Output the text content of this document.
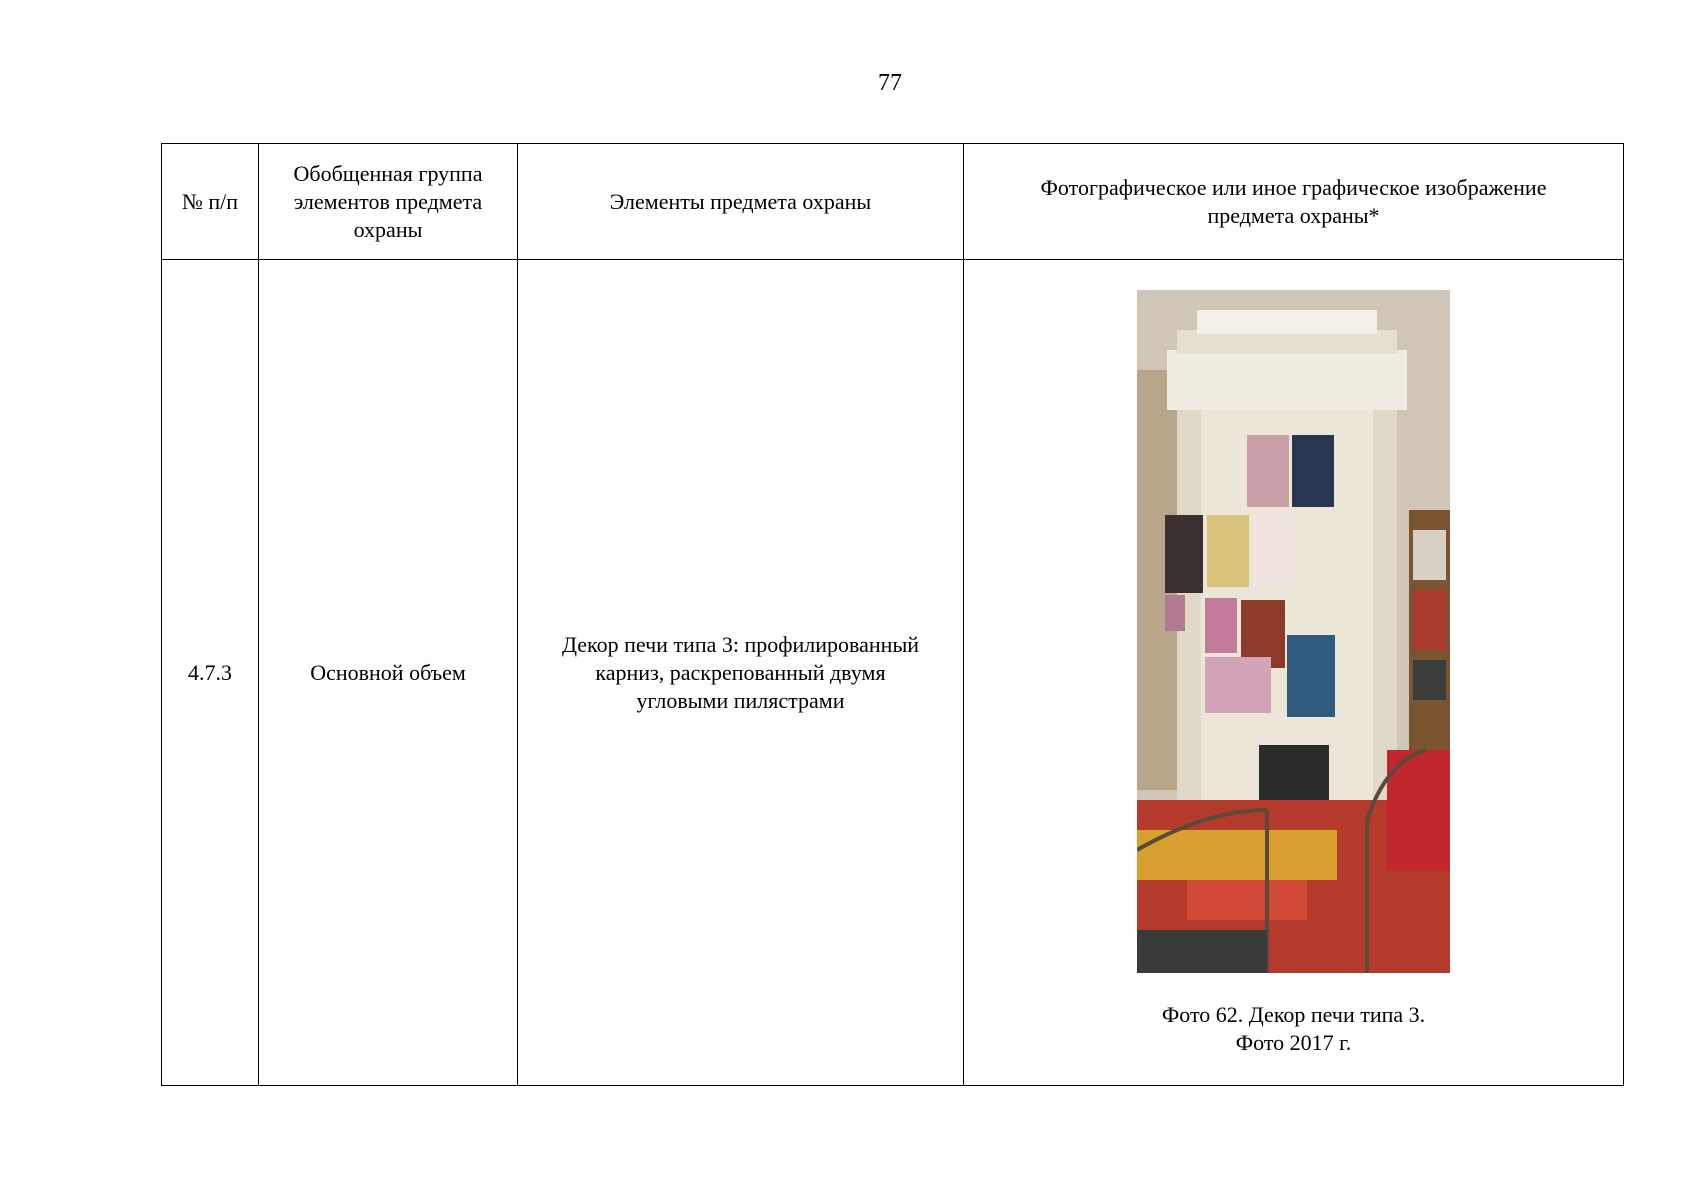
77
№ п/п	Обобщенная группа элементов предмета охраны	Элементы предмета охраны	Фотографическое или иное графическое изображение предмета охраны*
4.7.3	Основной объем	Декор печи типа 3: профилированный карниз, раскрепованный двумя угловыми пилястрами	Фото 62. Декор печи типа 3.
Фото 2017 г.
